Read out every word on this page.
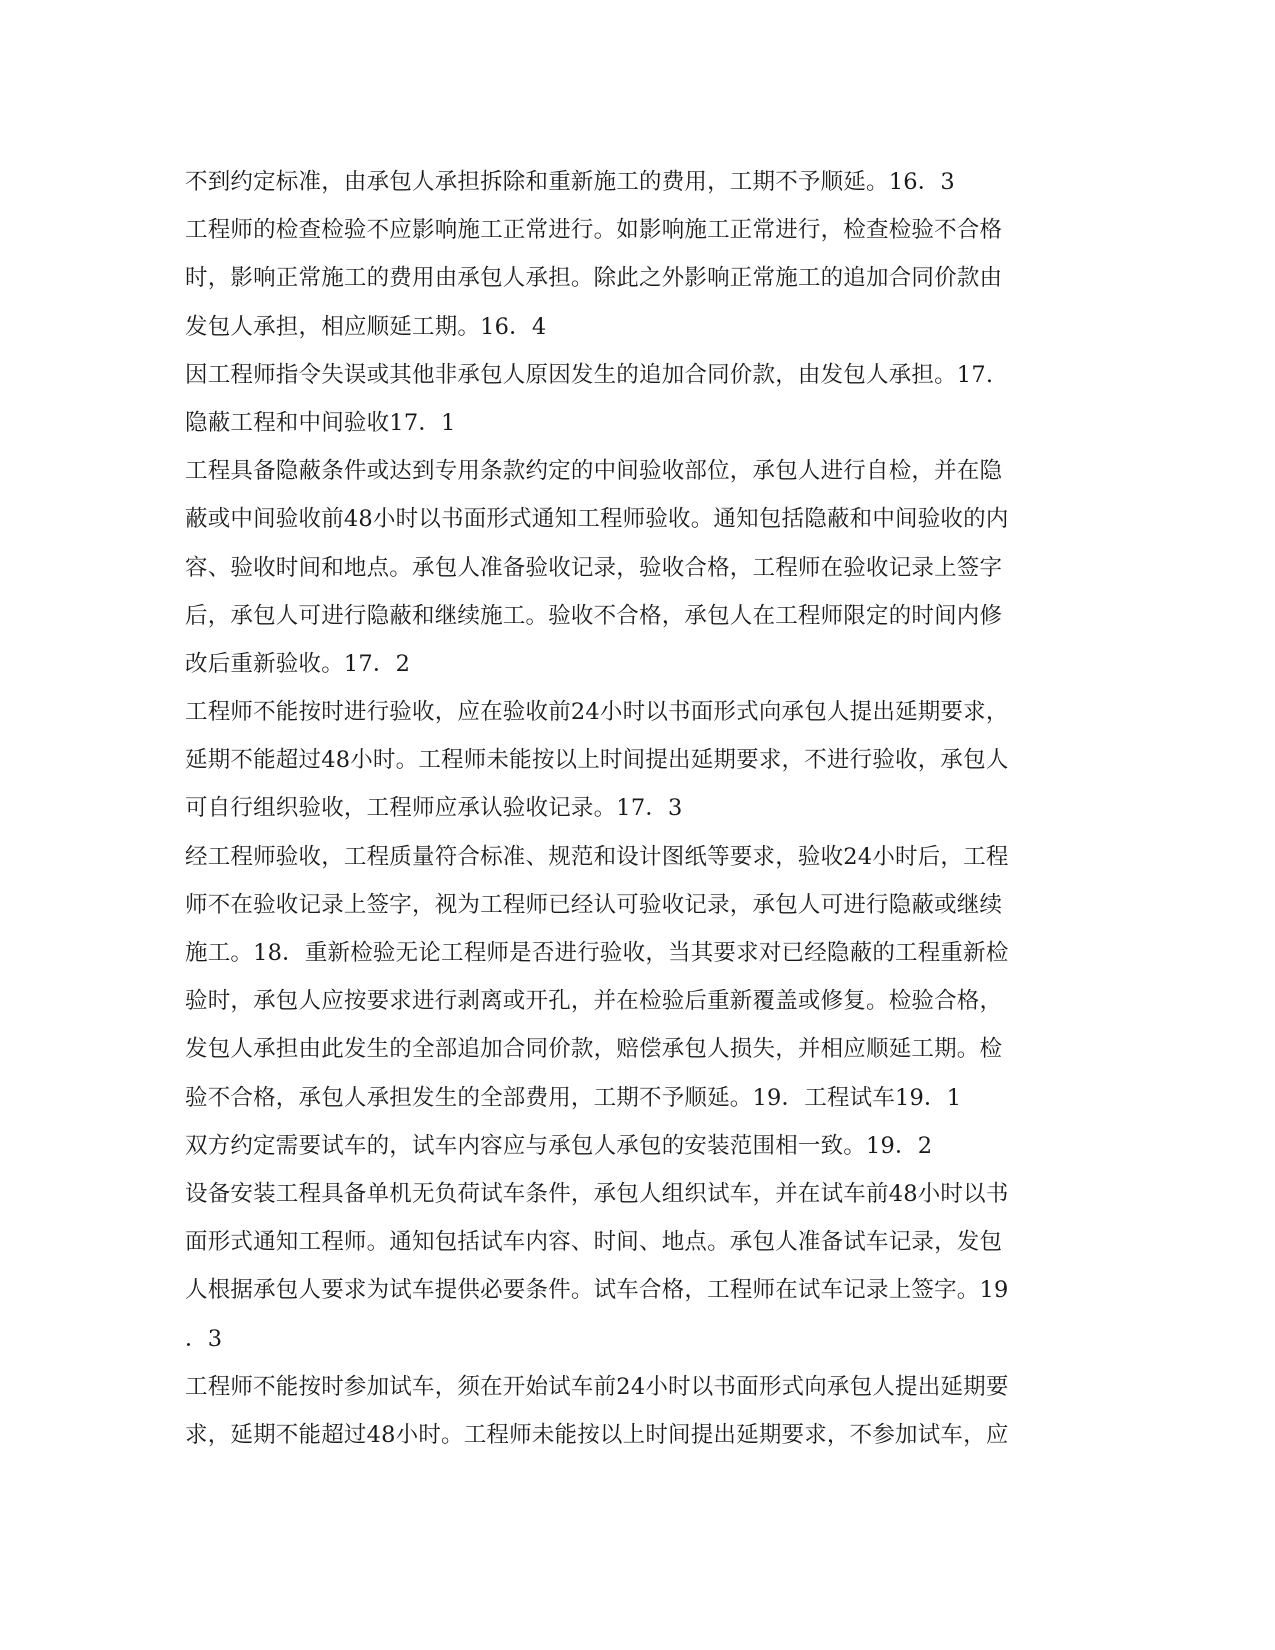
不到约定标准，由承包人承担拆除和重新施工的费用，工期不予顺延。16．3
工程师的检查检验不应影响施工正常进行。如影响施工正常进行，检查检验不合格
时，影响正常施工的费用由承包人承担。除此之外影响正常施工的追加合同价款由
发包人承担，相应顺延工期。16．4
因工程师指令失误或其他非承包人原因发生的追加合同价款，由发包人承担。17.
隐蔽工程和中间验收17．1
工程具备隐蔽条件或达到专用条款约定的中间验收部位，承包人进行自检，并在隐
蔽或中间验收前48小时以书面形式通知工程师验收。通知包括隐蔽和中间验收的内
容、验收时间和地点。承包人准备验收记录，验收合格，工程师在验收记录上签字
后，承包人可进行隐蔽和继续施工。验收不合格，承包人在工程师限定的时间内修
改后重新验收。17．2
工程师不能按时进行验收，应在验收前24小时以书面形式向承包人提出延期要求，
延期不能超过48小时。工程师未能按以上时间提出延期要求，不进行验收，承包人
可自行组织验收，工程师应承认验收记录。17．3
经工程师验收，工程质量符合标准、规范和设计图纸等要求，验收24小时后，工程
师不在验收记录上签字，视为工程师已经认可验收记录，承包人可进行隐蔽或继续
施工。18．重新检验无论工程师是否进行验收，当其要求对已经隐蔽的工程重新检
验时，承包人应按要求进行剥离或开孔，并在检验后重新覆盖或修复。检验合格，
发包人承担由此发生的全部追加合同价款，赔偿承包人损失，并相应顺延工期。检
验不合格，承包人承担发生的全部费用，工期不予顺延。19．工程试车19．1
双方约定需要试车的，试车内容应与承包人承包的安装范围相一致。19．2
设备安装工程具备单机无负荷试车条件，承包人组织试车，并在试车前48小时以书
面形式通知工程师。通知包括试车内容、时间、地点。承包人准备试车记录，发包
人根据承包人要求为试车提供必要条件。试车合格，工程师在试车记录上签字。19
．3
工程师不能按时参加试车，须在开始试车前24小时以书面形式向承包人提出延期要
求，延期不能超过48小时。工程师未能按以上时间提出延期要求，不参加试车，应
